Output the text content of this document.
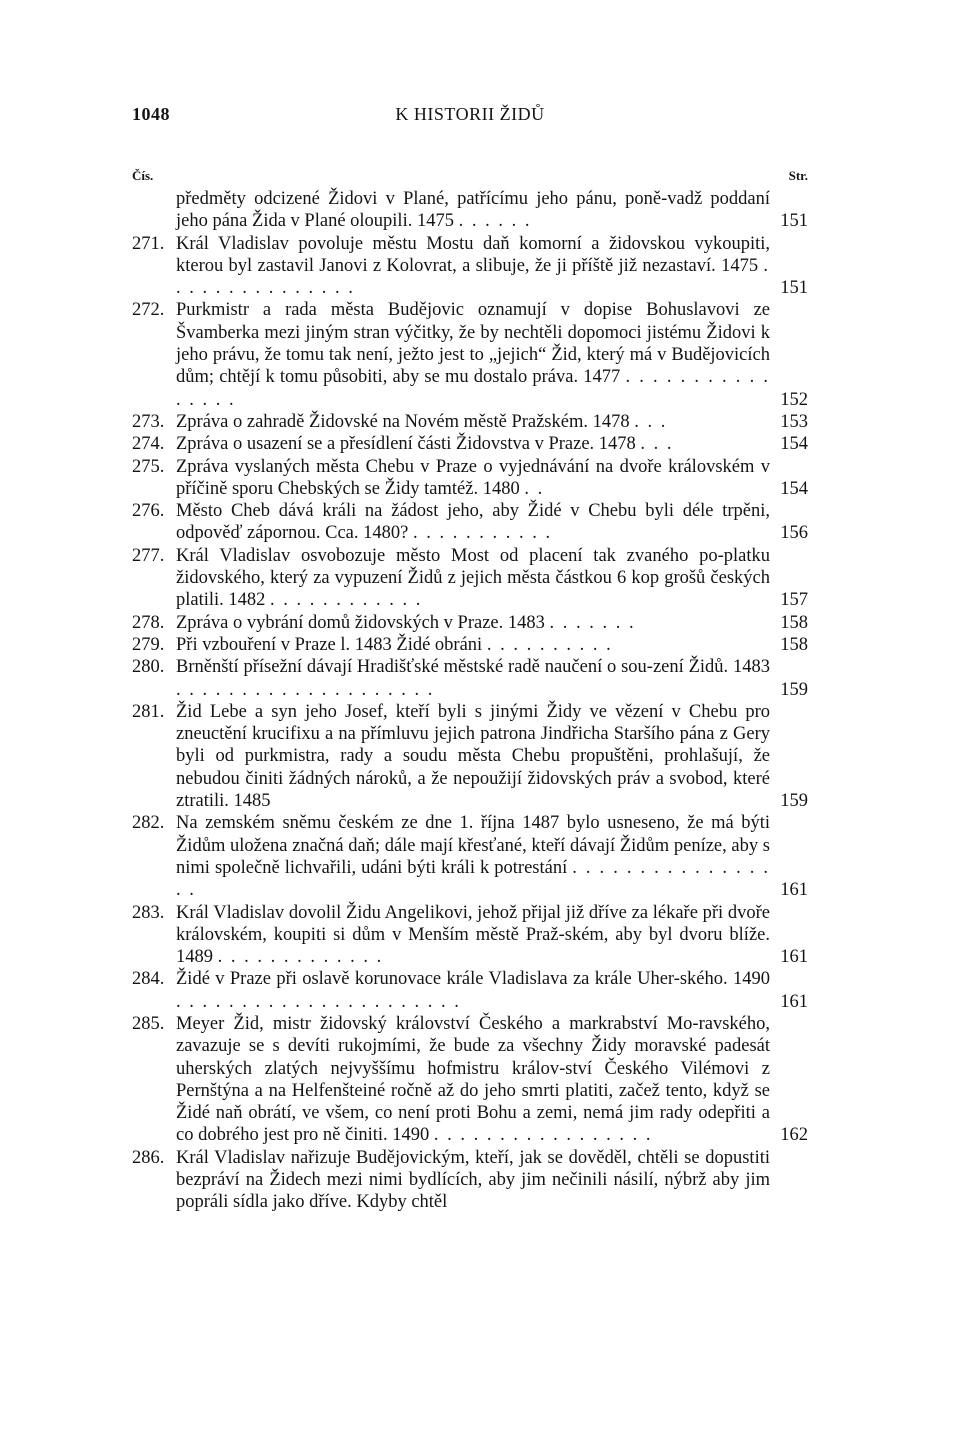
1048	K HISTORII ŽIDŮ
Čís.	Str.
předměty odcizené Židovi v Plané, patřícímu jeho pánu, poně-vadž poddaní jeho pána Žida v Plané oloupili. 1475 . . . . . .	151
271. Král Vladislav povoluje městu Mostu daň komorní a židovskou vykoupiti, kterou byl zastavil Janovi z Kolovrat, a slibuje, že ji příště již nezastaví. 1475 . . . . . . . . . . . . . . .	151
272. Purkmistr a rada města Budějovic oznamují v dopise Bohuslavovi ze Švamberka mezi jiným stran výčitky, že by nechtěli dopomoci jistému Židovi k jeho právu, že tomu tak není, ježto jest to „jejich“ Žid, který má v Budějovicích dům; chtějí k tomu působiti, aby se mu dostalo práva. 1477 . . . . . . . . . . . . . . . .	152
273. Zpráva o zahradě Židovské na Novém městě Pražském. 1478 . . .	153
274. Zpráva o usazení se a přesídlení části Židovstva v Praze. 1478 . . .	154
275. Zpráva vyslaných města Chebu v Praze o vyjednávání na dvoře královském v příčině sporu Chebských se Židy tamtéž. 1480 . .	154
276. Město Cheb dává králi na žádost jeho, aby Židé v Chebu byli déle trpěni, odpověď zápornou. Cca. 1480? . . . . . . . . . . .	156
277. Král Vladislav osvobozuje město Most od placení tak zvaného po-platku židovského, který za vypuzení Židů z jejich města částkou 6 kop grošů českých platili. 1482 . . . . . . . . . . . .	157
278. Zpráva o vybrání domů židovských v Praze. 1483 . . . . . . .	158
279. Při vzbouření v Praze l. 1483 Židé obráni . . . . . . . . . .	158
280. Brněnští přísežní dávají Hradišťské městské radě naučení o sou-zení Židů. 1483 . . . . . . . . . . . . . . . . . . . .	159
281. Žid Lebe a syn jeho Josef, kteří byli s jinými Židy ve vězení v Chebu pro zneuctění krucifixu a na přímluvu jejich patrona Jindřicha Staršího pána z Gery byli od purkmistra, rady a soudu města Chebu propuštěni, prohlašují, že nebudou činiti žádných nároků, a že nepoužijí židovských práv a svobod, které ztratili. 1485	159
282. Na zemském sněmu českém ze dne 1. října 1487 bylo usneseno, že má býti Židům uložena značná daň; dále mají křesťané, kteří dávají Židům peníze, aby s nimi společně lichvařili, udáni býti králi k potrestání . . . . . . . . . . . . . . . . .	161
283. Král Vladislav dovolil Židu Angelikovi, jehož přijal již dříve za lékaře při dvoře královském, koupiti si dům v Menším městě Praž-ském, aby byl dvoru blíže. 1489 . . . . . . . . . . . . .	161
284. Židé v Praze při oslavě korunovace krále Vladislava za krále Uher-ského. 1490 . . . . . . . . . . . . . . . . . . . . . .	161
285. Meyer Žid, mistr židovský království Českého a markrabství Mo-ravského, zavazuje se s devíti rukojmími, že bude za všechny Židy moravské padesát uherských zlatých nejvyššímu hofmistru králov-ství Českého Vilémovi z Pernštýna a na Helfenšteiné ročně až do jeho smrti platiti, začež tento, když se Židé naň obrátí, ve všem, co není proti Bohu a zemi, nemá jim rady odepřiti a co dobrého jest pro ně činiti. 1490 . . . . . . . . . . . . . . . . .	162
286. Král Vladislav nařizuje Budějovickým, kteří, jak se dověděl, chtěli se dopustiti bezpráví na Židech mezi nimi bydlících, aby jim nečinili násilí, nýbrž aby jim popráli sídla jako dříve. Kdyby chtěl
